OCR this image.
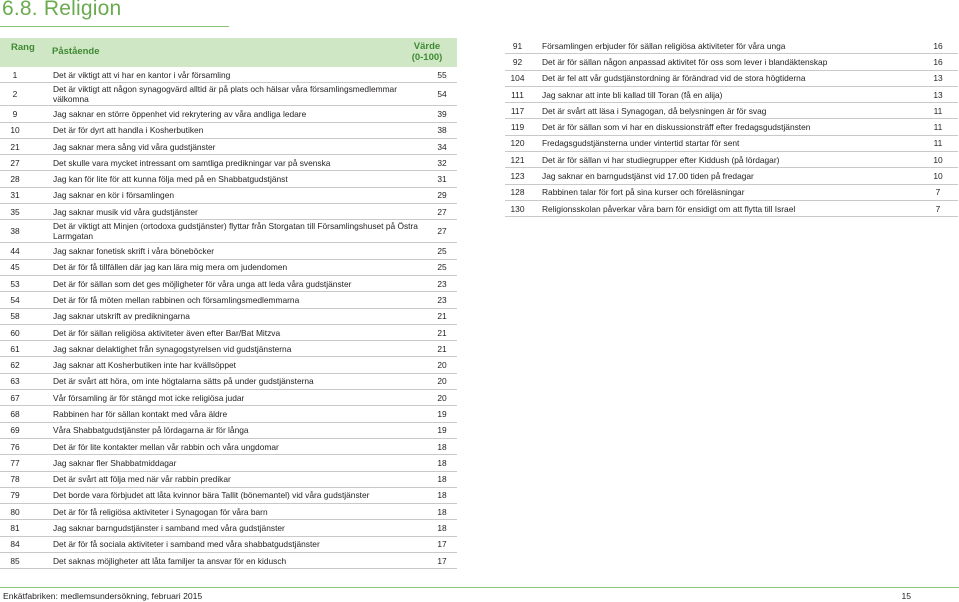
6.8. Religion
Rang Påstående	Värde
(0-100)
1	Det är viktigt att vi har en kantor i vår församling	55
2	Det är viktigt att någon synagogvärd alltid är på plats och hälsar våra församlingsmedlemmar välkomna	54
9	Jag saknar en större öppenhet vid rekrytering av våra andliga ledare	39
10	Det är för dyrt att handla i Kosherbutiken	38
21	Jag saknar mera sång vid våra gudstjänster	34
27	Det skulle vara mycket intressant om samtliga predikningar var på svenska	32
28	Jag kan för lite för att kunna följa med på en Shabbatgudstjänst	31
31	Jag saknar en kör i församlingen	29
35	Jag saknar musik vid våra gudstjänster	27
38	Det är viktigt att Minjen (ortodoxa gudstjänster) flyttar från Storgatan till Församlingshuset på Östra Larmgatan	27
44	Jag saknar fonetisk skrift i våra böneböcker	25
45	Det är för få tillfällen där jag kan lära mig mera om judendomen	25
53	Det är för sällan som det ges möjligheter för våra unga att leda våra gudstjänster	23
54	Det är för få möten mellan rabbinen och församlingsmedlemmarna	23
58	Jag saknar utskrift av predikningarna	21
60	Det är för sällan religiösa aktiviteter även efter Bar/Bat Mitzva	21
61	Jag saknar delaktighet från synagogstyrelsen vid gudstjänsterna	21
62	Jag saknar att Kosherbutiken inte har kvällsöppet	20
63	Det är svårt att höra, om inte högtalarna sätts på under gudstjänsterna	20
67	Vår församling är för stängd mot icke religiösa judar	20
68	Rabbinen har för sällan kontakt med våra äldre	19
69	Våra Shabbatgudstjänster på lördagarna är för långa	19
76	Det är för lite kontakter mellan vår rabbin och våra ungdomar	18
77	Jag saknar fler Shabbatmiddagar	18
78	Det är svårt att följa med när vår rabbin predikar	18
79	Det borde vara förbjudet att låta kvinnor bära Tallit (bönemantel) vid våra gudstjänster	18
80	Det är för få religiösa aktiviteter i Synagogan för våra barn	18
81	Jag saknar barngudstjänster i samband med våra gudstjänster	18
84	Det är för få sociala aktiviteter i samband med våra shabbatgudstjänster	17
85	Det saknas möjligheter att låta familjer ta ansvar för en kidusch	17
91	Församlingen erbjuder för sällan religiösa aktiviteter för våra unga	16
92	Det är för sällan någon anpassad aktivitet för oss som lever i blandäktenskap	16
104	Det är fel att vår gudstjänstordning är förändrad vid de stora högtiderna	13
111	Jag saknar att inte bli kallad till Toran (få en alija)	13
117	Det är svårt att läsa i Synagogan, då belysningen är för svag	11
119	Det är för sällan som vi har en diskussionsträff efter fredagsgudstjänsten	11
120	Fredagsgudstjänsterna under vintertid startar för sent	11
121	Det är för sällan vi har studiegrupper efter Kiddush (på lördagar)	10
123	Jag saknar en barngudstjänst vid 17.00 tiden på fredagar	10
128	Rabbinen talar för fort på sina kurser och föreläsningar	7
130	Religionsskolan påverkar våra barn för ensidigt om att flytta till Israel	7
Enkätfabriken: medlemsundersökning, februari 2015	15
